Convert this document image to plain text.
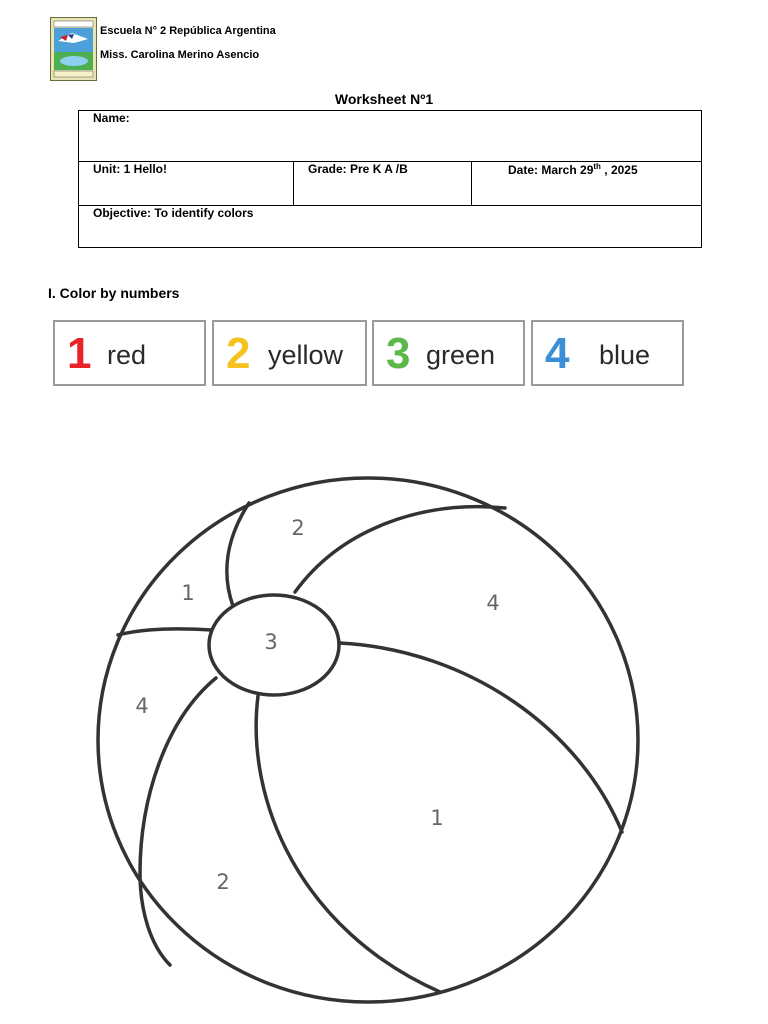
Escuela N° 2 República Argentina
Miss. Carolina Merino Asencio
Worksheet Nº1
Name:
Unit: 1 Hello!	Grade: Pre K A /B	Date: March 29th , 2025
Objective: To identify colors
I. Color by numbers
1 red 2 yellow 3 green 4 blue
2
1	4
3
4
1
2
